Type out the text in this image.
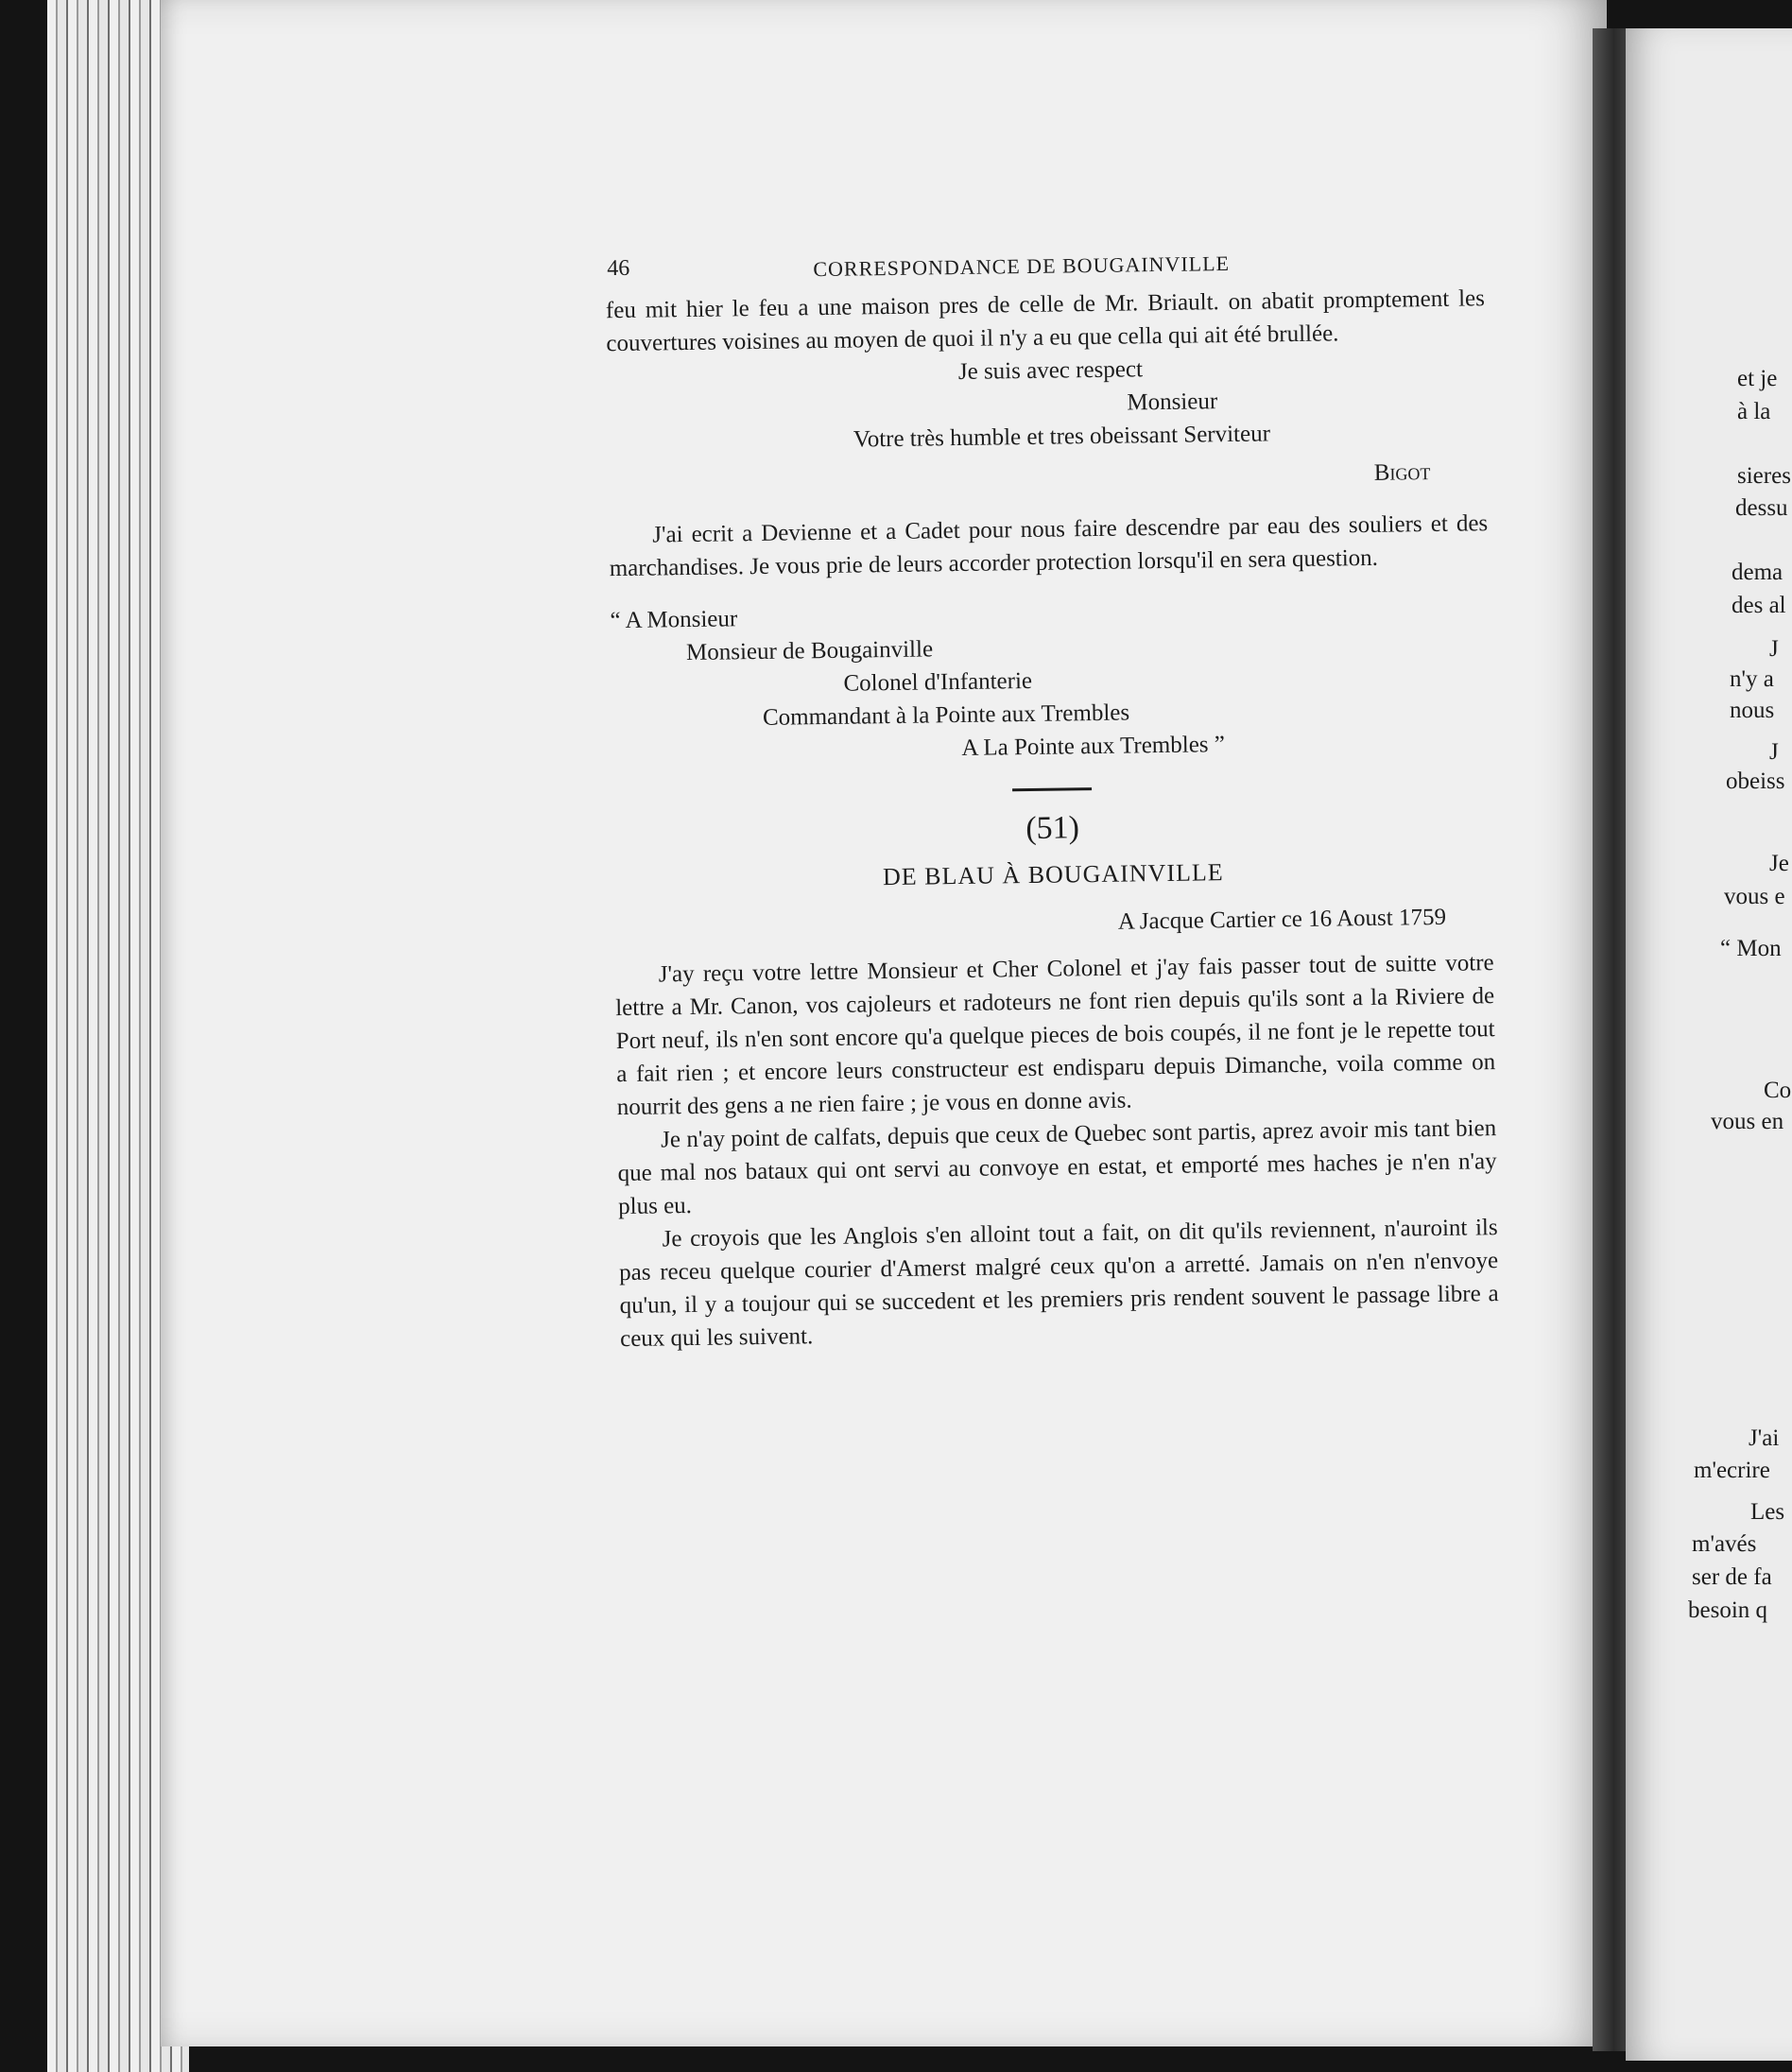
et je
à la
sieres
dessu
dema
des al
J
n'y a
nous
J
obeiss
Je
vous e
“ Mon
Co
vous en
J'ai
m'ecrire
Les
m'avés
ser de fa
besoin q
46	CORRESPONDANCE DE BOUGAINVILLE

feu mit hier le feu a une maison pres de celle de Mr. Briault. on abatit promptement les couvertures voisines au moyen de quoi il n'y a eu que cella qui ait été brullée.

Je suis avec respect
Monsieur
Votre très humble et tres obeissant Serviteur
Bigot

J'ai ecrit a Devienne et a Cadet pour nous faire descendre par eau des souliers et des marchandises. Je vous prie de leurs accorder protection lorsqu'il en sera question.

“ A Monsieur
Monsieur de Bougainville
Colonel d'Infanterie
Commandant à la Pointe aux Trembles
A La Pointe aux Trembles ”
(51)
DE BLAU À BOUGAINVILLE
A Jacque Cartier ce 16 Aoust 1759

J'ay reçu votre lettre Monsieur et Cher Colonel et j'ay fais passer tout de suitte votre lettre a Mr. Canon, vos cajoleurs et radoteurs ne font rien depuis qu'ils sont a la Riviere de Port neuf, ils n'en sont encore qu'a quelque pieces de bois coupés, il ne font je le repette tout a fait rien ; et encore leurs constructeur est endisparu depuis Dimanche, voila comme on nourrit des gens a ne rien faire ; je vous en donne avis.

Je n'ay point de calfats, depuis que ceux de Quebec sont partis, aprez avoir mis tant bien que mal nos bataux qui ont servi au convoye en estat, et emporté mes haches je n'en n'ay plus eu.

Je croyois que les Anglois s'en alloint tout a fait, on dit qu'ils reviennent, n'auroint ils pas receu quelque courier d'Amerst malgré ceux qu'on a arretté. Jamais on n'en n'envoye qu'un, il y a toujour qui se succedent et les premiers pris rendent souvent le passage libre a ceux qui les suivent.
